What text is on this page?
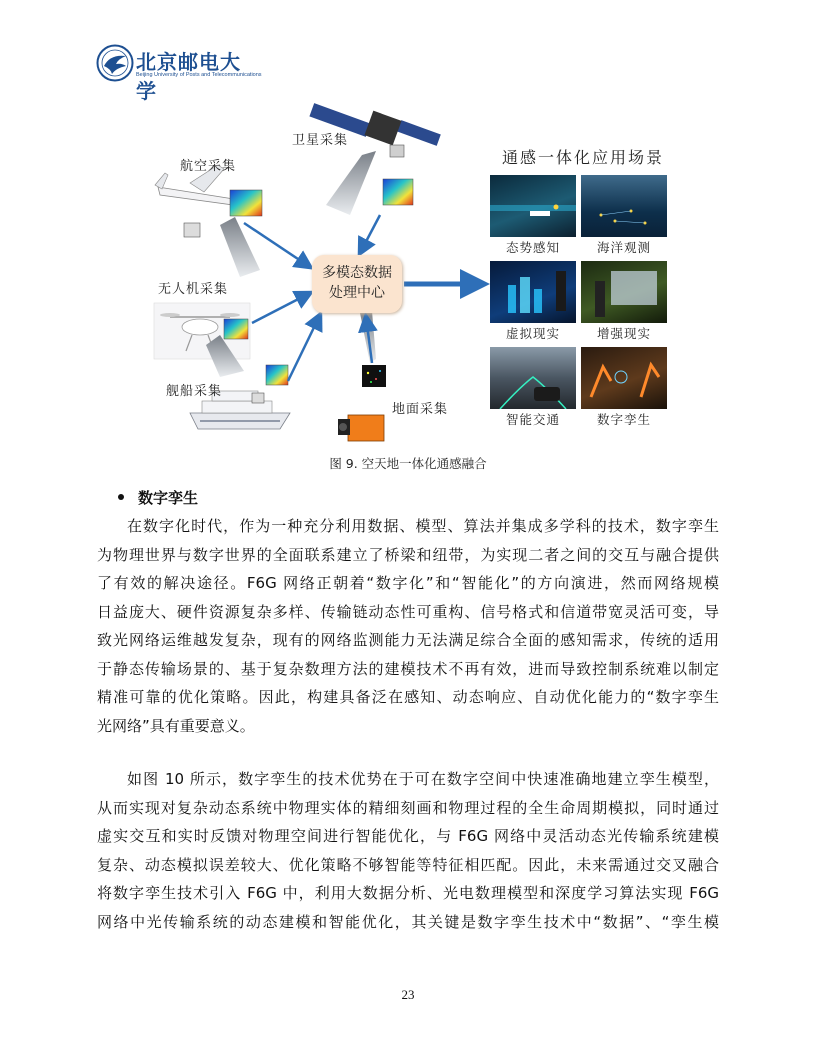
北京邮电大学
Beijing University of Posts and Telecommunications
卫星采集
航空采集
无人机采集
舰船采集
地面采集
多模态数据
处理中心
通感一体化应用场景
态势感知	海洋观测
虚拟现实	增强现实
智能交通	数字孪生
图 9. 空天地一体化通感融合
数字孪生
在数字化时代，作为一种充分利用数据、模型、算法并集成多学科的技术，数字孪生
为物理世界与数字世界的全面联系建立了桥梁和纽带，为实现二者之间的交互与融合提供
了有效的解决途径。F6G 网络正朝着“数字化”和“智能化”的方向演进，然而网络规模
日益庞大、硬件资源复杂多样、传输链动态性可重构、信号格式和信道带宽灵活可变，导
致光网络运维越发复杂，现有的网络监测能力无法满足综合全面的感知需求，传统的适用
于静态传输场景的、基于复杂数理方法的建模技术不再有效，进而导致控制系统难以制定
精准可靠的优化策略。因此，构建具备泛在感知、动态响应、自动优化能力的“数字孪生
光网络”具有重要意义。
如图 10 所示，数字孪生的技术优势在于可在数字空间中快速准确地建立孪生模型，
从而实现对复杂动态系统中物理实体的精细刻画和物理过程的全生命周期模拟，同时通过
虚实交互和实时反馈对物理空间进行智能优化，与 F6G 网络中灵活动态光传输系统建模
复杂、动态模拟误差较大、优化策略不够智能等特征相匹配。因此，未来需通过交叉融合
将数字孪生技术引入 F6G 中，利用大数据分析、光电数理模型和深度学习算法实现 F6G
网络中光传输系统的动态建模和智能优化，其关键是数字孪生技术中“数据”、“孪生模
23
